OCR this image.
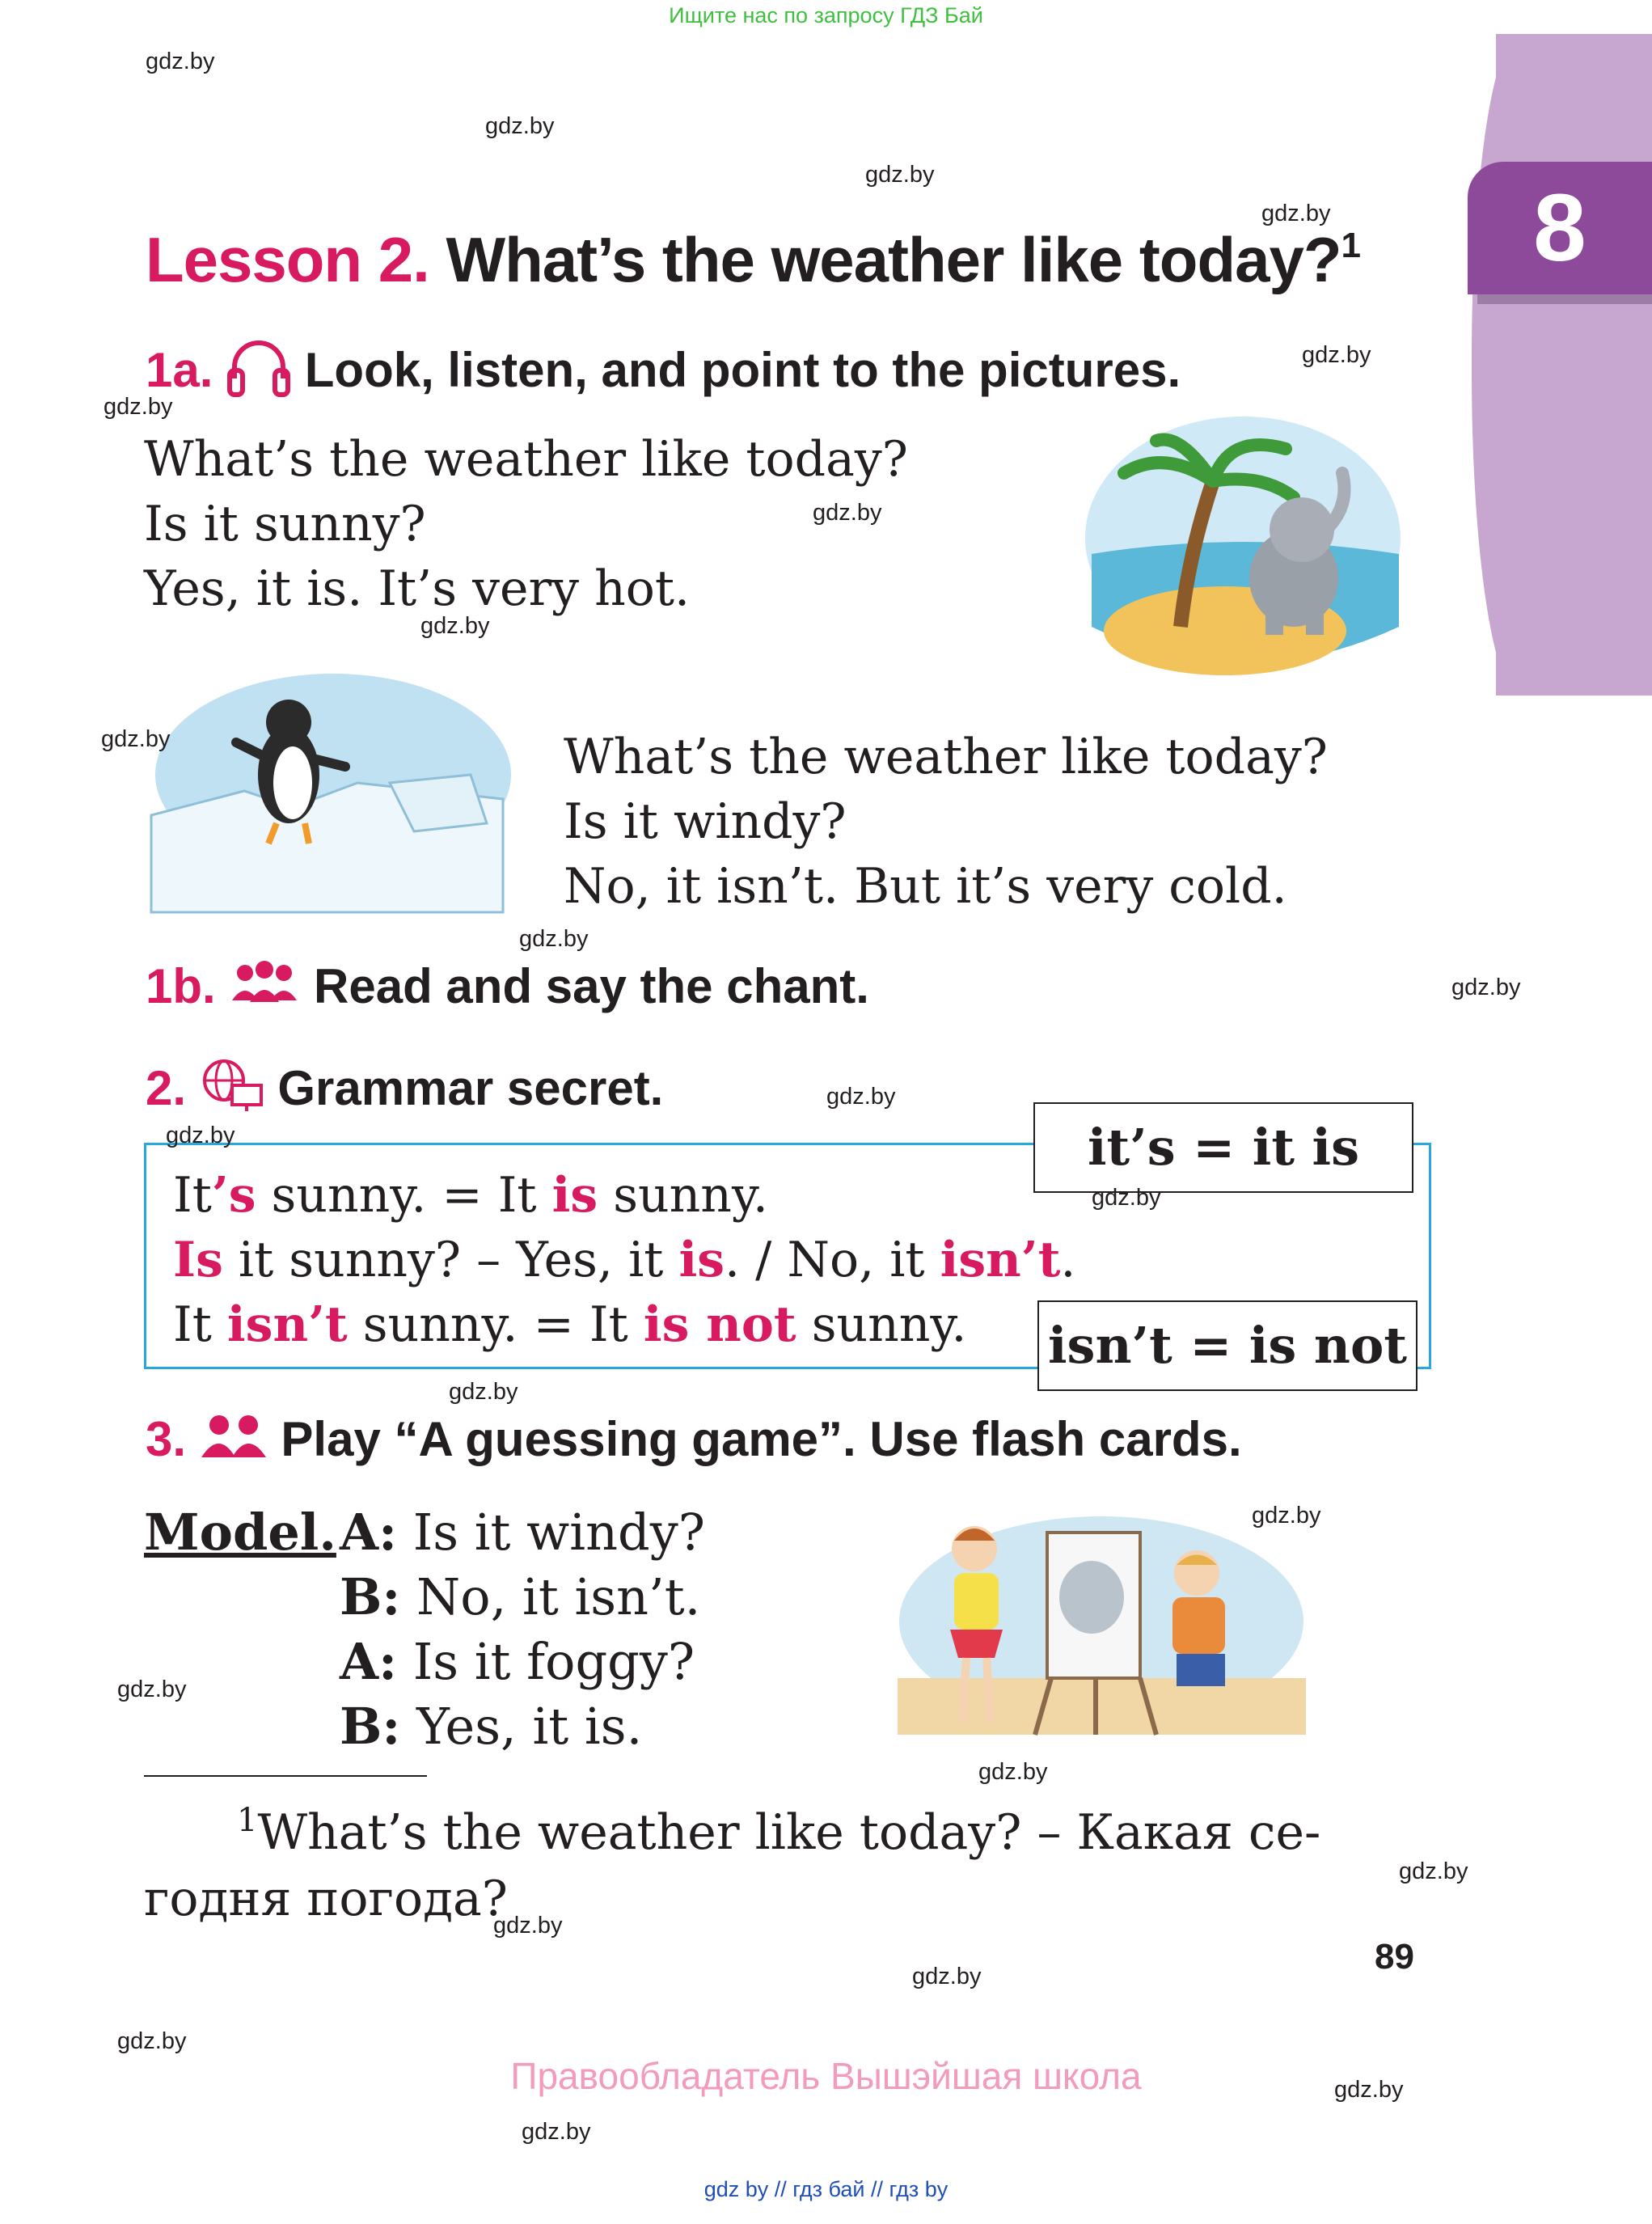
Ищите нас по запросу ГДЗ Бай
8
Lesson 2. What’s the weather like today?$^1$
1a. Look, listen, and point to the pictures.
What’s the weather like today?
Is it sunny?
Yes, it is. It’s very hot.
What’s the weather like today?
Is it windy?
No, it isn’t. But it’s very cold.
1b. Read and say the chant.
2. Grammar secret.
It’s sunny. = It is sunny.
Is it sunny? – Yes, it is. / No, it isn’t.
It isn’t sunny. = It is not sunny.
it’s = it is
isn’t = is not
3. Play “A guessing game”. Use flash cards.
Model. A: Is it windy?
B: No, it isn’t.
A: Is it foggy?
B: Yes, it is.
$^1$What’s the weather like today? – Какая се- годня погода?
89
Правообладатель Вышэйшая школа
gdz by // гдз бай // гдз by
gdz.by
gdz.by
gdz.by
gdz.by
gdz.by
gdz.by
gdz.by
gdz.by
gdz.by
gdz.by
gdz.by
gdz.by
gdz.by
gdz.by
gdz.by
gdz.by
gdz.by
gdz.by
gdz.by
gdz.by
gdz.by
gdz.by
gdz.by
gdz.by
